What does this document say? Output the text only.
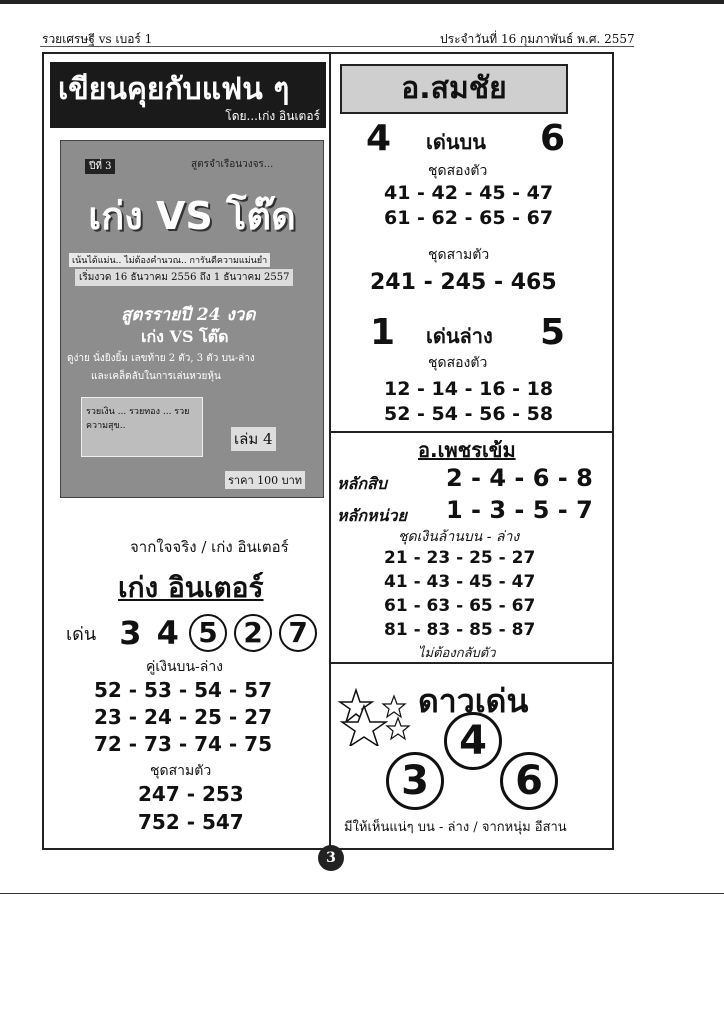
รวยเศรษฐี vs เบอร์ 1	ประจำวันที่ 16 กุมภาพันธ์ พ.ศ. 2557
เขียนคุยกับแฟน ๆ
โดย...เก่ง อินเตอร์
ปีที่ 3	สูตรจำเรือนวงจร...
เก่ง VS โต๊ด
เน้นได้แม่น.. ไม่ต้องคำนวณ.. การันตีความแม่นยำ
เริ่มงวด 16 ธันวาคม 2556 ถึง 1 ธันวาคม 2557
สูตรรายปี 24 งวด
เก่ง VS โต๊ด
ดูง่าย นั่งยิงยิ้ม เลขท้าย 2 ตัว, 3 ตัว บน-ล่าง
และเคล็ดลับในการเล่นหวยหุ้น
รวยเงิน ... รวยทอง ... รวยความสุข..
เล่ม 4
ราคา 100 บาท
จากใจจริง / เก่ง อินเตอร์
เก่ง อินเตอร์
เด่น 3 4 5 2 7
คู่เงินบน-ล่าง
52 - 53 - 54 - 57
23 - 24 - 25 - 27
72 - 73 - 74 - 75
ชุดสามตัว
247 - 253
752 - 547
อ.สมชัย
4 เด่นบน 6
ชุดสองตัว
41 - 42 - 45 - 47
61 - 62 - 65 - 67
ชุดสามตัว
241 - 245 - 465
1 เด่นล่าง 5
ชุดสองตัว
12 - 14 - 16 - 18
52 - 54 - 56 - 58
อ.เพชรเข้ม
หลักสิบ 2 - 4 - 6 - 8
หลักหน่วย 1 - 3 - 5 - 7
ชุดเงินล้านบน - ล่าง
21 - 23 - 25 - 27
41 - 43 - 45 - 47
61 - 63 - 65 - 67
81 - 83 - 85 - 87
ไม่ต้องกลับตัว
ดาวเด่น
4
3	6
มีให้เห็นแน่ๆ บน - ล่าง / จากหนุ่ม อีสาน
3
